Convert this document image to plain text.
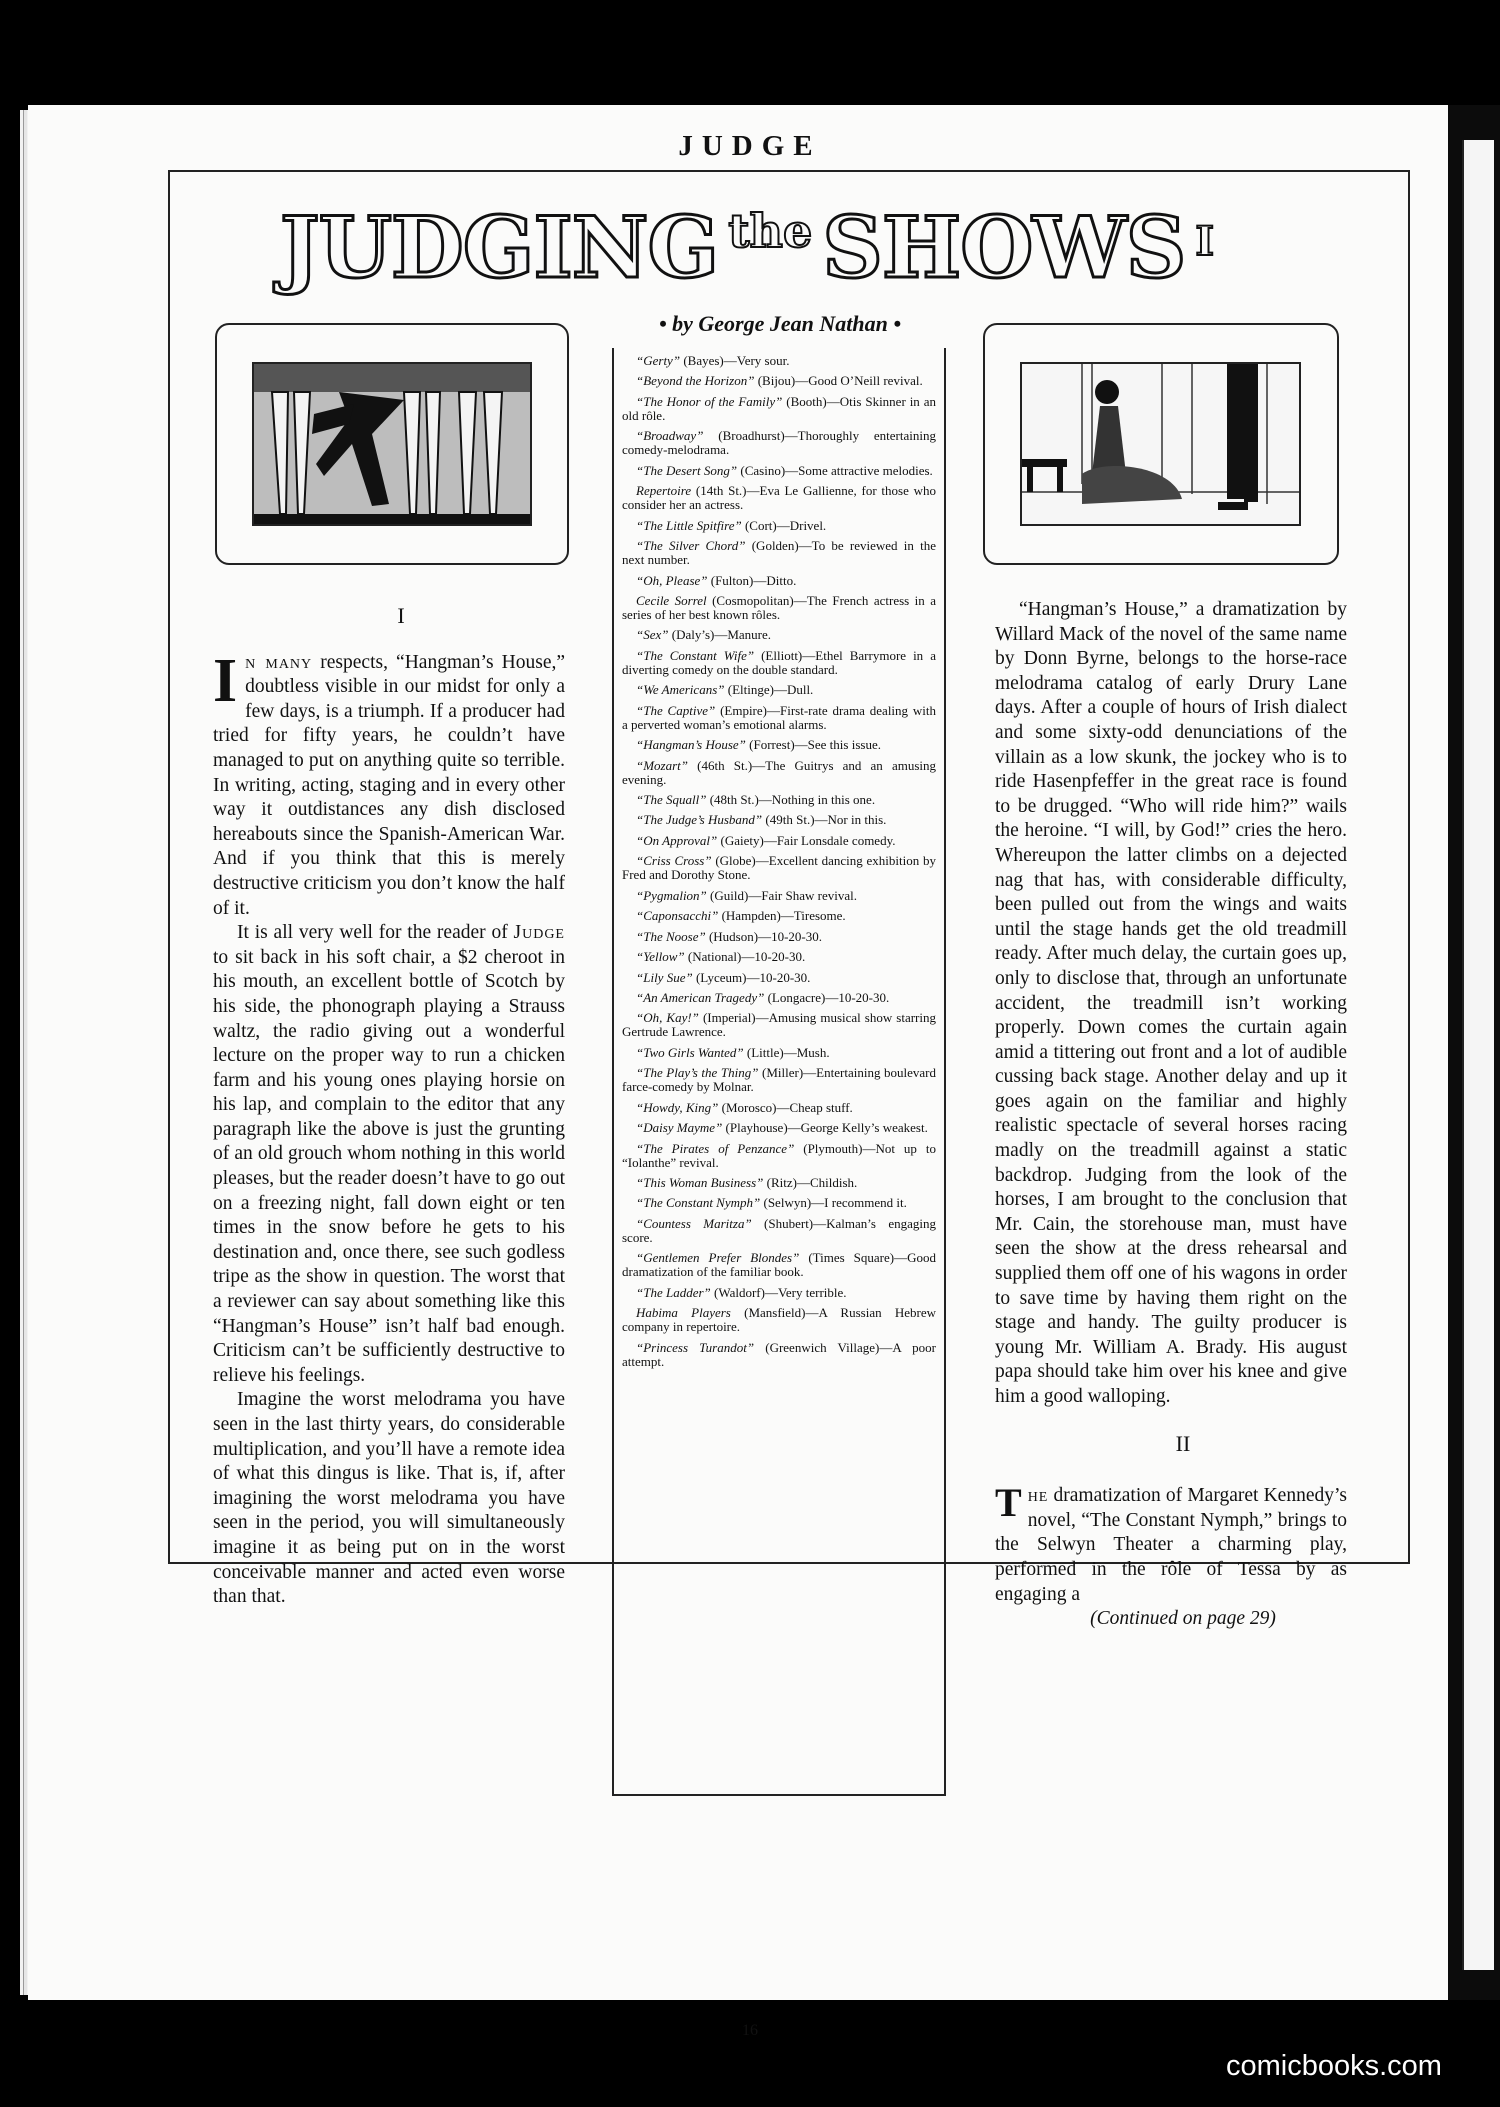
JUDGE
JUDGING the SHOWS I
• by George Jean Nathan •

I

In many respects, “Hangman’s House,” doubtless visible in our midst for only a few days, is a triumph. If a producer had tried for fifty years, he couldn’t have managed to put on anything quite so terrible. In writing, acting, staging and in every other way it outdistances any dish disclosed hereabouts since the Spanish-American War. And if you think that this is merely destructive criticism you don’t know the half of it.

It is all very well for the reader of Judge to sit back in his soft chair, a $2 cheroot in his mouth, an excellent bottle of Scotch by his side, the phonograph playing a Strauss waltz, the radio giving out a wonderful lecture on the proper way to run a chicken farm and his young ones playing horsie on his lap, and complain to the editor that any paragraph like the above is just the grunting of an old grouch whom nothing in this world pleases, but the reader doesn’t have to go out on a freezing night, fall down eight or ten times in the snow before he gets to his destination and, once there, see such godless tripe as the show in question. The worst that a reviewer can say about something like this “Hangman’s House” isn’t half bad enough. Criticism can’t be sufficiently destructive to relieve his feelings.

Imagine the worst melodrama you have seen in the last thirty years, do considerable multiplication, and you’ll have a remote idea of what this dingus is like. That is, if, after imagining the worst melodrama you have seen in the period, you will simultaneously imagine it as being put on in the worst conceivable manner and acted even worse than that.

“Gerty” (Bayes)—Very sour.
“Beyond the Horizon” (Bijou)—Good O’Neill revival.
“The Honor of the Family” (Booth)—Otis Skinner in an old rôle.
“Broadway” (Broadhurst)—Thoroughly entertaining comedy-melodrama.
“The Desert Song” (Casino)—Some attractive melodies.
Repertoire (14th St.)—Eva Le Gallienne, for those who consider her an actress.
“The Little Spitfire” (Cort)—Drivel.
“The Silver Chord” (Golden)—To be reviewed in the next number.
“Oh, Please” (Fulton)—Ditto.
Cecile Sorrel (Cosmopolitan)—The French actress in a series of her best known rôles.
“Sex” (Daly’s)—Manure.
“The Constant Wife” (Elliott)—Ethel Barrymore in a diverting comedy on the double standard.
“We Americans” (Eltinge)—Dull.
“The Captive” (Empire)—First-rate drama dealing with a perverted woman’s emotional alarms.
“Hangman’s House” (Forrest)—See this issue.
“Mozart” (46th St.)—The Guitrys and an amusing evening.
“The Squall” (48th St.)—Nothing in this one.
“The Judge’s Husband” (49th St.)—Nor in this.
“On Approval” (Gaiety)—Fair Lonsdale comedy.
“Criss Cross” (Globe)—Excellent dancing exhibition by Fred and Dorothy Stone.
“Pygmalion” (Guild)—Fair Shaw revival.
“Caponsacchi” (Hampden)—Tiresome.
“The Noose” (Hudson)—10-20-30.
“Yellow” (National)—10-20-30.
“Lily Sue” (Lyceum)—10-20-30.
“An American Tragedy” (Longacre)—10-20-30.
“Oh, Kay!” (Imperial)—Amusing musical show starring Gertrude Lawrence.
“Two Girls Wanted” (Little)—Mush.
“The Play’s the Thing” (Miller)—Entertaining boulevard farce-comedy by Molnar.
“Howdy, King” (Morosco)—Cheap stuff.
“Daisy Mayme” (Playhouse)—George Kelly’s weakest.
“The Pirates of Penzance” (Plymouth)—Not up to “Iolanthe” revival.
“This Woman Business” (Ritz)—Childish.
“The Constant Nymph” (Selwyn)—I recommend it.
“Countess Maritza” (Shubert)—Kalman’s engaging score.
“Gentlemen Prefer Blondes” (Times Square)—Good dramatization of the familiar book.
“The Ladder” (Waldorf)—Very terrible.
Habima Players (Mansfield)—A Russian Hebrew company in repertoire.
“Princess Turandot” (Greenwich Village)—A poor attempt.

“Hangman’s House,” a dramatization by Willard Mack of the novel of the same name by Donn Byrne, belongs to the horse-race melodrama catalog of early Drury Lane days. After a couple of hours of Irish dialect and some sixty-odd denunciations of the villain as a low skunk, the jockey who is to ride Hasenpfeffer in the great race is found to be drugged. “Who will ride him?” wails the heroine. “I will, by God!” cries the hero. Whereupon the latter climbs on a dejected nag that has, with considerable difficulty, been pulled out from the wings and waits until the stage hands get the old treadmill ready. After much delay, the curtain goes up, only to disclose that, through an unfortunate accident, the treadmill isn’t working properly. Down comes the curtain again amid a tittering out front and a lot of audible cussing back stage. Another delay and up it goes again on the familiar and highly realistic spectacle of several horses racing madly on the treadmill against a static backdrop. Judging from the look of the horses, I am brought to the conclusion that Mr. Cain, the storehouse man, must have seen the show at the dress rehearsal and supplied them off one of his wagons in order to save time by having them right on the stage and handy. The guilty producer is young Mr. William A. Brady. His august papa should take him over his knee and give him a good walloping.

II

The dramatization of Margaret Kennedy’s novel, “The Constant Nymph,” brings to the Selwyn Theater a charming play, performed in the rôle of Tessa by as engaging a

(Continued on page 29)

16
comicbooks.com
